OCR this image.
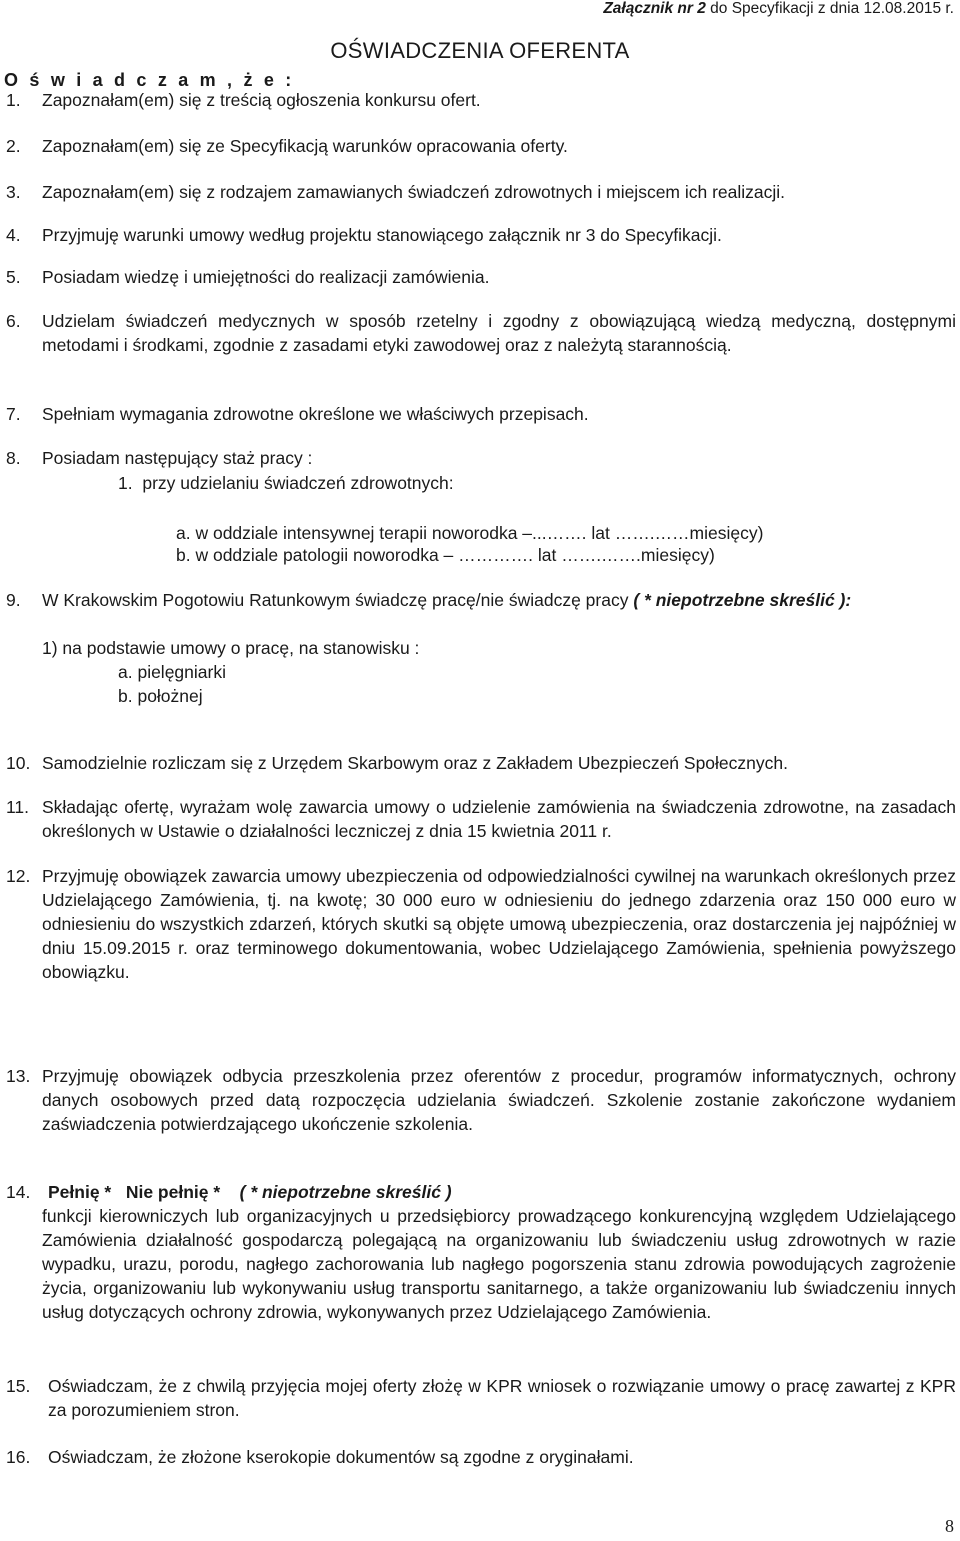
Załącznik nr 2 do Specyfikacji z dnia 12.08.2015 r.
OŚWIADCZENIA OFERENTA
O ś w i a d c z a m , ż e :
1. Zapoznałam(em) się z treścią ogłoszenia konkursu ofert.
2. Zapoznałam(em) się ze Specyfikacją warunków opracowania oferty.
3. Zapoznałam(em) się z rodzajem zamawianych świadczeń zdrowotnych i miejscem ich realizacji.
4. Przyjmuję warunki umowy według projektu stanowiącego załącznik nr 3 do Specyfikacji.
5. Posiadam wiedzę i umiejętności do realizacji zamówienia.
6. Udzielam świadczeń medycznych w sposób rzetelny i zgodny z obowiązującą wiedzą medyczną, dostępnymi metodami i środkami, zgodnie z zasadami etyki zawodowej oraz z należytą starannością.
7. Spełniam wymagania zdrowotne określone we właściwych przepisach.
8. Posiadam następujący staż pracy :
1. przy udzielaniu świadczeń zdrowotnych:
a. w oddziale intensywnej terapii noworodka –...……. lat …….……miesięcy)
b. w oddziale patologii noworodka – …………. lat …….…….miesięcy)
9. W Krakowskim Pogotowiu Ratunkowym świadczę pracę/nie świadczę pracy ( * niepotrzebne skreślić ):
1) na podstawie umowy o pracę, na stanowisku :
a. pielęgniarki
b. położnej
10. Samodzielnie rozliczam się z Urzędem Skarbowym oraz z Zakładem Ubezpieczeń Społecznych.
11. Składając ofertę, wyrażam wolę zawarcia umowy o udzielenie zamówienia na świadczenia zdrowotne, na zasadach określonych w Ustawie o działalności leczniczej z dnia 15 kwietnia 2011 r.
12. Przyjmuję obowiązek zawarcia umowy ubezpieczenia od odpowiedzialności cywilnej na warunkach określonych przez Udzielającego Zamówienia, tj. na kwotę; 30 000 euro w odniesieniu do jednego zdarzenia oraz 150 000 euro w odniesieniu do wszystkich zdarzeń, których skutki są objęte umową ubezpieczenia, oraz dostarczenia jej najpóźniej w dniu 15.09.2015 r. oraz terminowego dokumentowania, wobec Udzielającego Zamówienia, spełnienia powyższego obowiązku.
13. Przyjmuję obowiązek odbycia przeszkolenia przez oferentów z procedur, programów informatycznych, ochrony danych osobowych przed datą rozpoczęcia udzielania świadczeń. Szkolenie zostanie zakończone wydaniem zaświadczenia potwierdzającego ukończenie szkolenia.
14. Pełnię * Nie pełnię * ( * niepotrzebne skreślić )
funkcji kierowniczych lub organizacyjnych u przedsiębiorcy prowadzącego konkurencyjną względem Udzielającego Zamówienia działalność gospodarczą polegającą na organizowaniu lub świadczeniu usług zdrowotnych w razie wypadku, urazu, porodu, nagłego zachorowania lub nagłego pogorszenia stanu zdrowia powodujących zagrożenie życia, organizowaniu lub wykonywaniu usług transportu sanitarnego, a także organizowaniu lub świadczeniu innych usług dotyczących ochrony zdrowia, wykonywanych przez Udzielającego Zamówienia.
15. Oświadczam, że z chwilą przyjęcia mojej oferty złożę w KPR wniosek o rozwiązanie umowy o pracę zawartej z KPR za porozumieniem stron.
16. Oświadczam, że złożone kserokopie dokumentów są zgodne z oryginałami.
8
